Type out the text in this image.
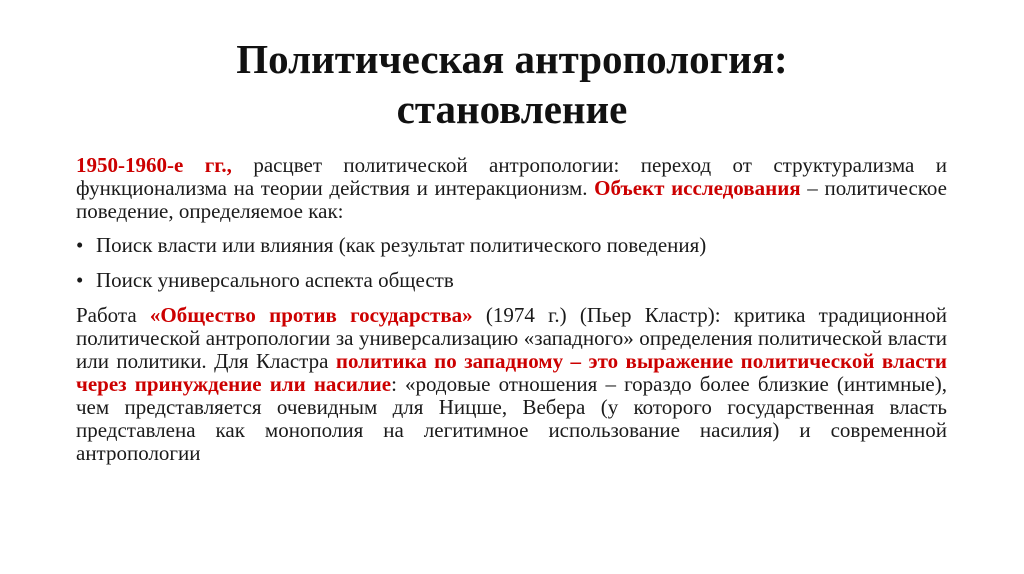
Политическая антропология:
становление

1950-1960-е гг., расцвет политической антропологии: переход от структурализма и функционализма на теории действия и интеракционизм. Объект исследования – политическое поведение, определяемое как:

• Поиск власти или влияния (как результат политического поведения)

• Поиск универсального аспекта обществ

Работа «Общество против государства» (1974 г.) (Пьер Кластр): критика традиционной политической антропологии за универсализацию «западного» определения политической власти или политики. Для Кластра политика по западному – это выражение политической власти через принуждение или насилие: «родовые отношения – гораздо более близкие (интимные), чем представляется очевидным для Ницше, Вебера (у которого государственная власть представлена как монополия на легитимное использование насилия) и современной антропологии
